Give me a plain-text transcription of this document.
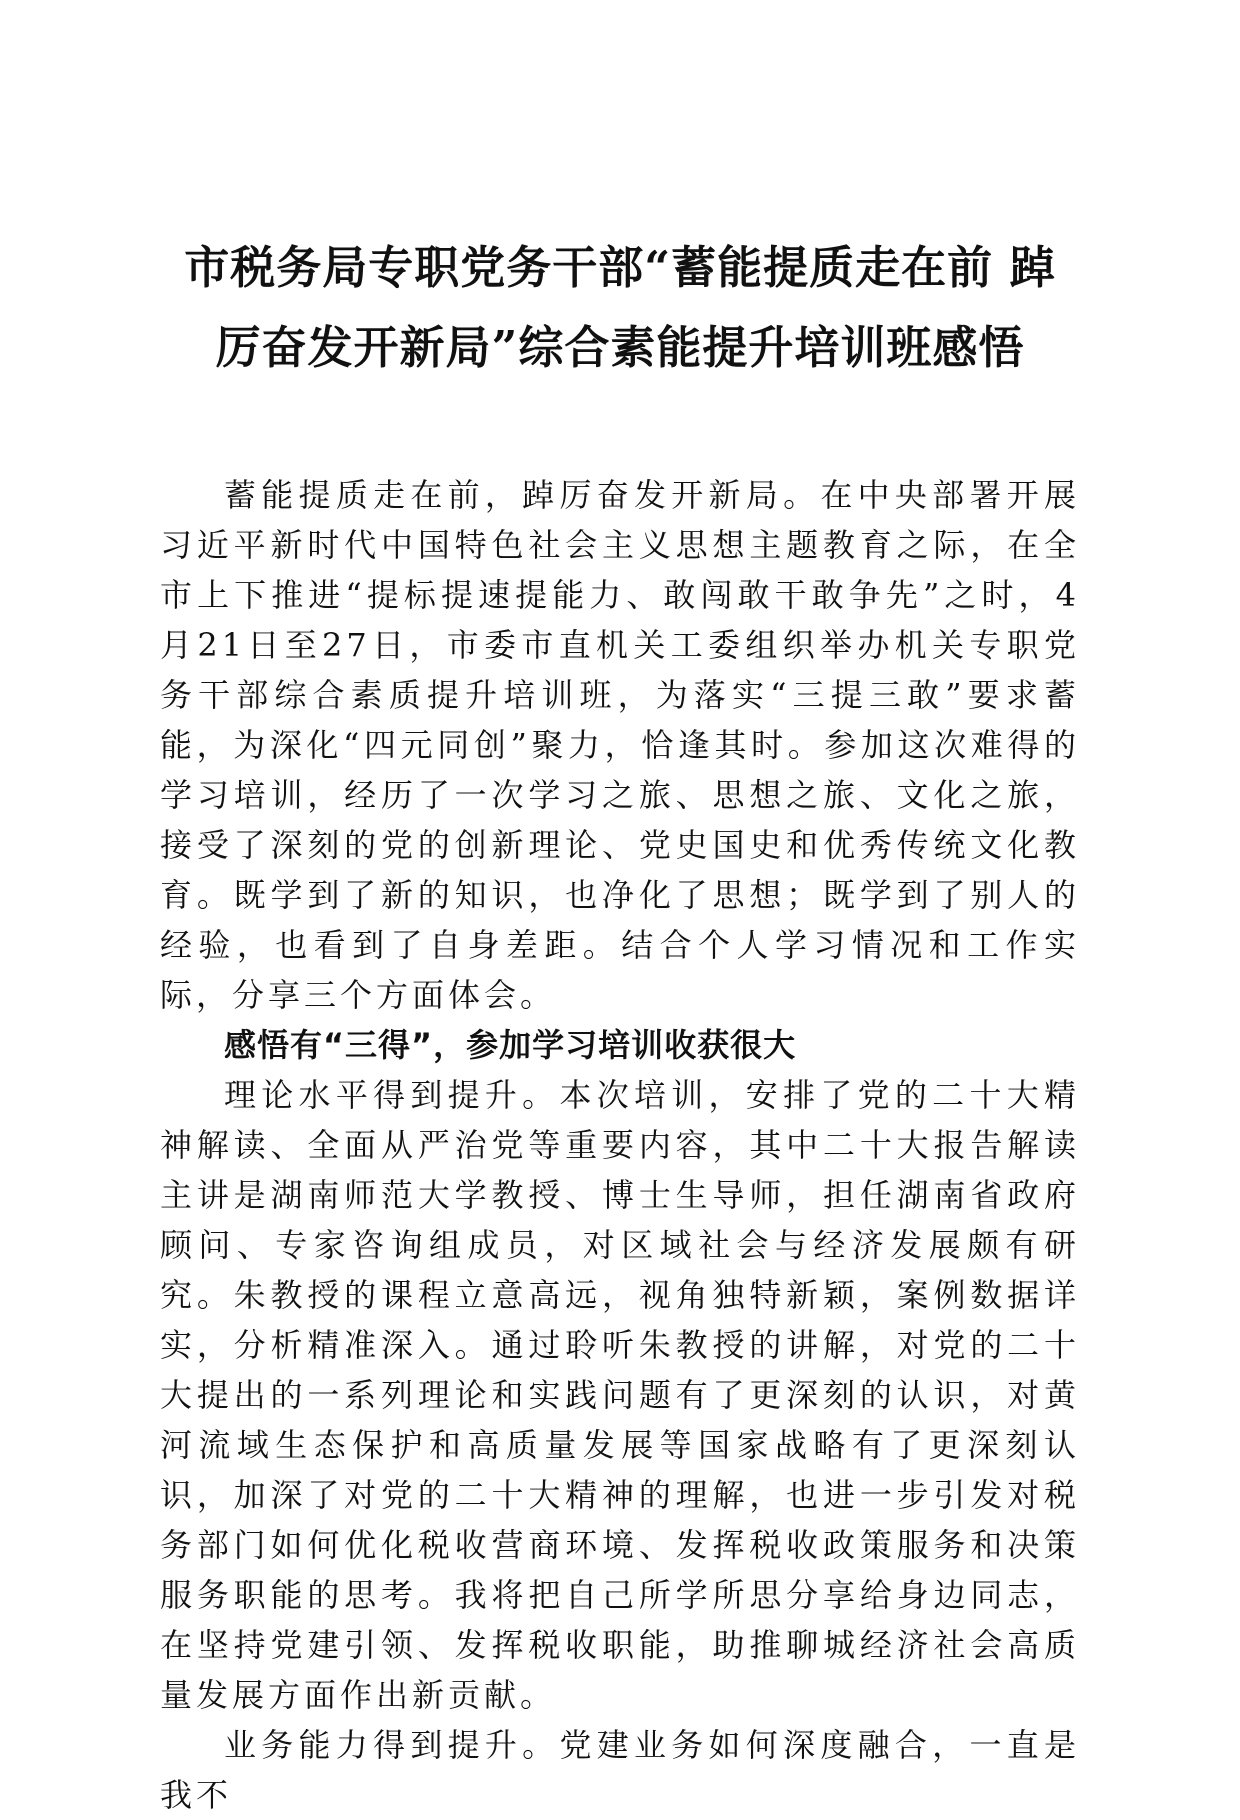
市税务局专职党务干部“蓄能提质走在前 踔
厉奋发开新局”综合素能提升培训班感悟

蓄能提质走在前，踔厉奋发开新局。在中央部署开展习近平新时代中国特色社会主义思想主题教育之际，在全市上下推进“提标提速提能力、敢闯敢干敢争先”之时，4月21日至27日，市委市直机关工委组织举办机关专职党务干部综合素质提升培训班，为落实“三提三敢”要求蓄能，为深化“四元同创”聚力，恰逢其时。参加这次难得的学习培训，经历了一次学习之旅、思想之旅、文化之旅，接受了深刻的党的创新理论、党史国史和优秀传统文化教育。既学到了新的知识，也净化了思想；既学到了别人的经验，也看到了自身差距。结合个人学习情况和工作实际，分享三个方面体会。

感悟有“三得”，参加学习培训收获很大

理论水平得到提升。本次培训，安排了党的二十大精神解读、全面从严治党等重要内容，其中二十大报告解读主讲是湖南师范大学教授、博士生导师，担任湖南省政府顾问、专家咨询组成员，对区域社会与经济发展颇有研究。朱教授的课程立意高远，视角独特新颖，案例数据详实，分析精准深入。通过聆听朱教授的讲解，对党的二十大提出的一系列理论和实践问题有了更深刻的认识，对黄河流域生态保护和高质量发展等国家战略有了更深刻认识，加深了对党的二十大精神的理解，也进一步引发对税务部门如何优化税收营商环境、发挥税收政策服务和决策服务职能的思考。我将把自己所学所思分享给身边同志，在坚持党建引领、发挥税收职能，助推聊城经济社会高质量发展方面作出新贡献。

业务能力得到提升。党建业务如何深度融合，一直是我不
